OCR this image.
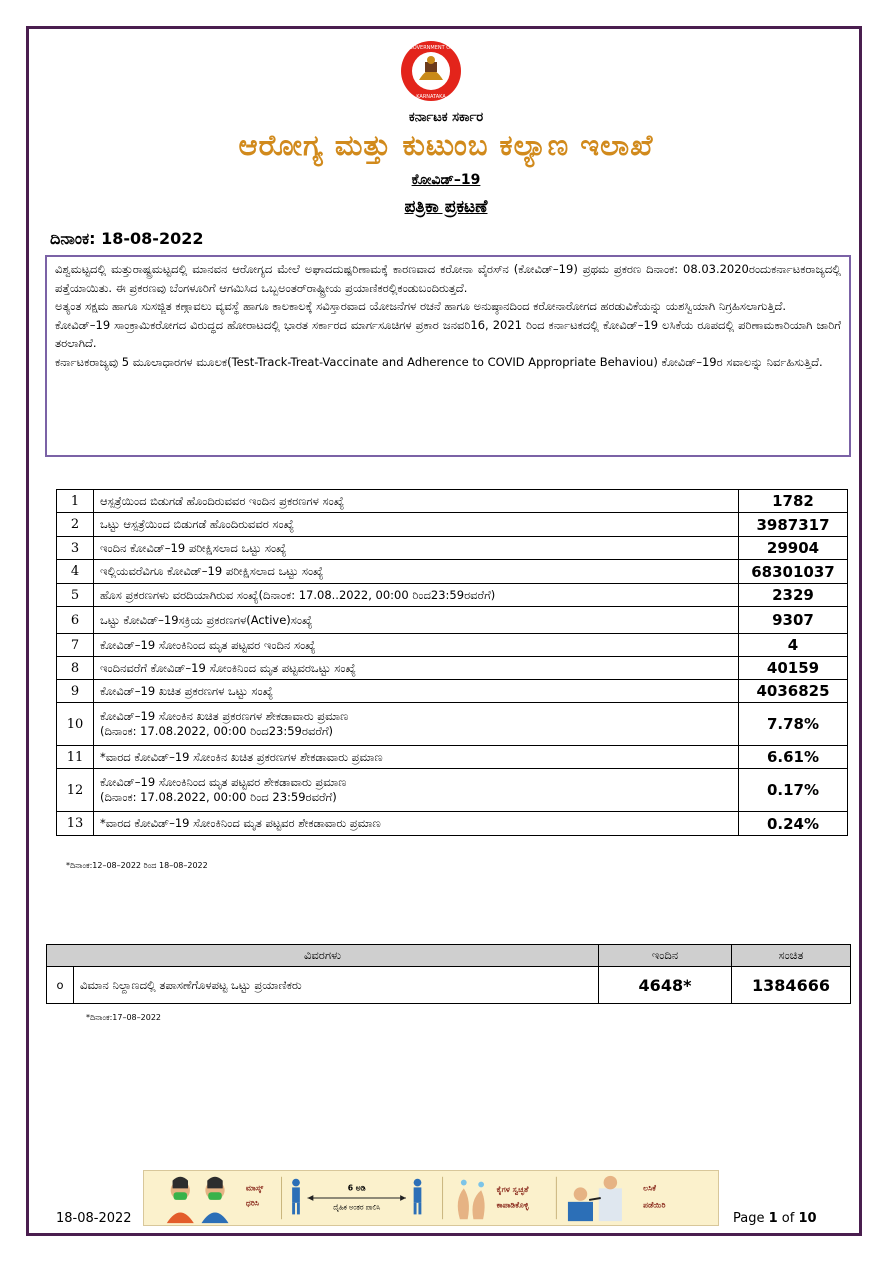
GOVERNMENT OF
KARNATAKA
ಕರ್ನಾಟಕ ಸರ್ಕಾರ
ಆರೋಗ್ಯ ಮತ್ತು ಕುಟುಂಬ ಕಲ್ಯಾಣ ಇಲಾಖೆ
ಕೋವಿಡ್–19
ಪತ್ರಿಕಾ ಪ್ರಕಟಣೆ
ದಿನಾಂಕ: 18-08-2022

ವಿಶ್ವಮಟ್ಟದಲ್ಲಿ ಮತ್ತುರಾಷ್ಟ್ರಮಟ್ಟದಲ್ಲಿ ಮಾನವನ ಆರೋಗ್ಯದ ಮೇಲೆ ಅಘಾದದುಷ್ಪರಿಣಾಮಕ್ಕೆ ಕಾರಣವಾದ ಕರೋನಾ ವೈರಸ್‍ನ (ಕೋವಿಡ್–19) ಪ್ರಥಮ ಪ್ರಕರಣ ದಿನಾಂಕ: 08.03.2020ರಂದುಕರ್ನಾಟಕರಾಜ್ಯದಲ್ಲಿ ಪತ್ತೆಯಾಯಿತು. ಈ ಪ್ರಕರಣವು ಬೆಂಗಳೂರಿಗೆ ಆಗಮಿಸಿದ ಒಬ್ಬಅಂತರ್‌ರಾಷ್ಟ್ರೀಯ ಪ್ರಯಾಣಿಕರಲ್ಲಿಕಂಡುಬಂದಿರುತ್ತದೆ.

ಅತ್ಯಂತ ಸಕ್ಷಮ ಹಾಗೂ ಸುಸಜ್ಜಿತ ಕಣ್ಗಾವಲು ವ್ಯವಸ್ಥೆ ಹಾಗೂ ಕಾಲಕಾಲಕ್ಕೆ ಸವಿಸ್ತಾರವಾದ ಯೋಜನೆಗಳ ರಚನೆ ಹಾಗೂ ಅನುಷ್ಠಾನದಿಂದ ಕರೋನಾರೋಗದ ಹರಡುವಿಕೆಯನ್ನು ಯಶಸ್ವಿಯಾಗಿ ನಿಗ್ರಹಿಸಲಾಗುತ್ತಿದೆ.

ಕೋವಿಡ್–19 ಸಾಂಕ್ರಾಮಿಕರೋಗದ ವಿರುದ್ಧದ ಹೋರಾಟದಲ್ಲಿ ಭಾರತ ಸರ್ಕಾರದ ಮಾರ್ಗಸೂಚಿಗಳ ಪ್ರಕಾರ ಜನವರಿ16, 2021 ರಿಂದ ಕರ್ನಾಟಕದಲ್ಲಿ ಕೋವಿಡ್–19 ಲಸಿಕೆಯ ರೂಪದಲ್ಲಿ ಪರಿಣಾಮಕಾರಿಯಾಗಿ ಜಾರಿಗೆ ತರಲಾಗಿದೆ.

ಕರ್ನಾಟಕರಾಜ್ಯವು 5 ಮೂಲಾಧಾರಗಳ ಮೂಲಕ(Test-Track-Treat-Vaccinate and Adherence to COVID Appropriate Behaviou) ಕೋವಿಡ್–19ರ ಸವಾಲನ್ನು ನಿರ್ವಹಿಸುತ್ತಿದೆ.

1	ಆಸ್ಪತ್ರೆಯಿಂದ ಬಿಡುಗಡೆ ಹೊಂದಿರುವವರ ಇಂದಿನ ಪ್ರಕರಣಗಳ ಸಂಖ್ಯೆ	1782
2	ಒಟ್ಟು ಆಸ್ಪತ್ರೆಯಿಂದ ಬಿಡುಗಡೆ ಹೊಂದಿರುವವರ ಸಂಖ್ಯೆ	3987317
3	ಇಂದಿನ ಕೋವಿಡ್–19 ಪರೀಕ್ಷಿಸಲಾದ ಒಟ್ಟು ಸಂಖ್ಯೆ	29904
4	ಇಲ್ಲಿಯವರೆವಿಗೂ ಕೋವಿಡ್–19 ಪರೀಕ್ಷಿಸಲಾದ ಒಟ್ಟು ಸಂಖ್ಯೆ	68301037
5	ಹೊಸ ಪ್ರಕರಣಗಳು ವರದಿಯಾಗಿರುವ ಸಂಖ್ಯೆ(ದಿನಾಂಕ: 17.08..2022, 00:00 ರಿಂದ23:59ರವರೆಗೆ)	2329
6	ಒಟ್ಟು ಕೋವಿಡ್–19ಸಕ್ರಿಯ ಪ್ರಕರಣಗಳ(Active)ಸಂಖ್ಯೆ	9307
7	ಕೋವಿಡ್–19 ಸೋಂಕಿನಿಂದ ಮೃತ ಪಟ್ಟವರ ಇಂದಿನ ಸಂಖ್ಯೆ	4
8	ಇಂದಿನವರೆಗೆ ಕೋವಿಡ್–19 ಸೋಂಕಿನಿಂದ ಮೃತ ಪಟ್ಟವರಒಟ್ಟು ಸಂಖ್ಯೆ	40159
9	ಕೋವಿಡ್–19 ಖಚಿತ ಪ್ರಕರಣಗಳ ಒಟ್ಟು ಸಂಖ್ಯೆ	4036825
10	ಕೋವಿಡ್–19 ಸೋಂಕಿನ ಖಚಿತ ಪ್ರಕರಣಗಳ ಶೇಕಡಾವಾರು ಪ್ರಮಾಣ
(ದಿನಾಂಕ: 17.08.2022, 00:00 ರಿಂದ23:59ರವರೆಗೆ)	7.78%
11	*ವಾರದ ಕೋವಿಡ್–19 ಸೋಂಕಿನ ಖಚಿತ ಪ್ರಕರಣಗಳ ಶೇಕಡಾವಾರು ಪ್ರಮಾಣ	6.61%
12	ಕೋವಿಡ್–19 ಸೋಂಕಿನಿಂದ ಮೃತ ಪಟ್ಟವರ ಶೇಕಡಾವಾರು ಪ್ರಮಾಣ
(ದಿನಾಂಕ: 17.08.2022, 00:00 ರಿಂದ 23:59ರವರೆಗೆ)	0.17%
13	*ವಾರದ ಕೋವಿಡ್–19 ಸೋಂಕಿನಿಂದ ಮೃತ ಪಟ್ಟವರ ಶೇಕಡಾವಾರು ಪ್ರಮಾಣ	0.24%
*ದಿನಾಂಕ:12–08–2022 ರಿಂದ 18–08–2022
ವಿವರಗಳು		ಇಂದಿನ	ಸಂಚಿತ
o	ವಿಮಾನ ನಿಲ್ದಾಣದಲ್ಲಿ ತಪಾಸಣೆಗೊಳಪಟ್ಟ ಒಟ್ಟು ಪ್ರಯಾಣಿಕರು	4648*	1384666
*ದಿನಾಂಕ:17–08–2022
ಮಾಸ್ಕ್
ಧರಿಸಿ
6 ಅಡಿ
ದೈಹಿಕ ಅಂತರ ಪಾಲಿಸಿ
ಕೈಗಳ ಸ್ವಚ್ಛತೆ
ಕಾಪಾಡಿಕೊಳ್ಳಿ
ಲಸಿಕೆ
ಪಡೆಯಿರಿ
18-08-2022	Page 1 of 10
